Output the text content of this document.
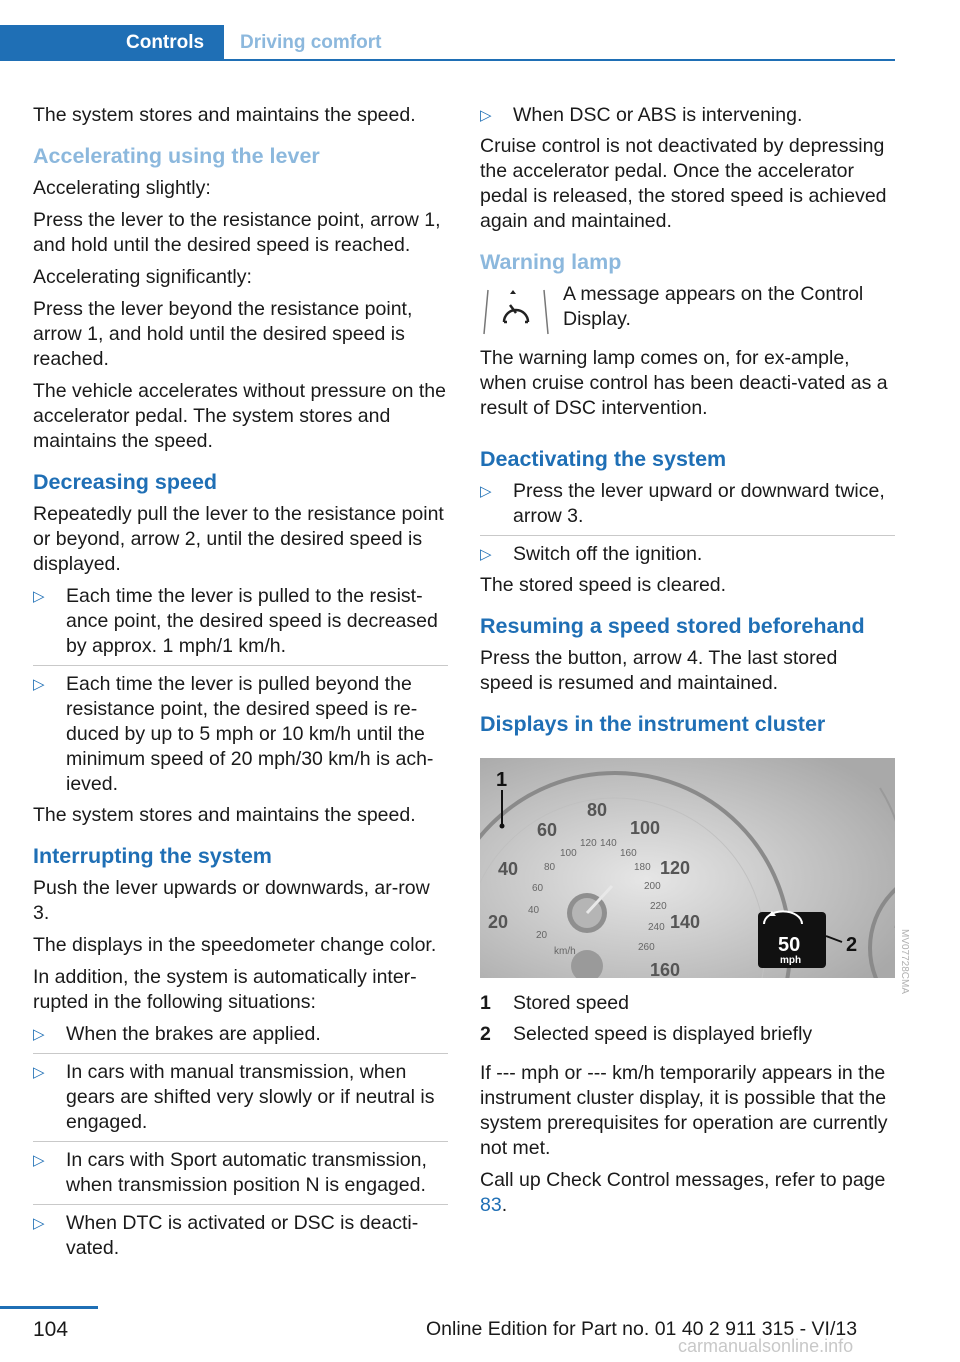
Controls	Driving comfort
The system stores and maintains the speed.
Accelerating using the lever
Accelerating slightly:
Press the lever to the resistance point, arrow 1, and hold until the desired speed is reached.
Accelerating significantly:
Press the lever beyond the resistance point, arrow 1, and hold until the desired speed is reached.
The vehicle accelerates without pressure on the accelerator pedal. The system stores and maintains the speed.
Decreasing speed
Repeatedly pull the lever to the resistance point or beyond, arrow 2, until the desired speed is displayed.
▷ Each time the lever is pulled to the resist‐ance point, the desired speed is decreased by approx. 1 mph/1 km/h.
▷ Each time the lever is pulled beyond the resistance point, the desired speed is re‐duced by up to 5 mph or 10 km/h until the minimum speed of 20 mph/30 km/h is ach‐ieved.
The system stores and maintains the speed.
Interrupting the system
Push the lever upwards or downwards, ar‐row 3.
The displays in the speedometer change color.
In addition, the system is automatically inter‐rupted in the following situations:
▷ When the brakes are applied.
▷ In cars with manual transmission, when gears are shifted very slowly or if neutral is engaged.
▷ In cars with Sport automatic transmission, when transmission position N is engaged.
▷ When DTC is activated or DSC is deacti‐vated.
▷ When DSC or ABS is intervening.
Cruise control is not deactivated by depressing the accelerator pedal. Once the accelerator pedal is released, the stored speed is achieved again and maintained.
Warning lamp
A message appears on the Control Display.
The warning lamp comes on, for ex‐ample, when cruise control has been deacti‐vated as a result of DSC intervention.
Deactivating the system
▷ Press the lever upward or downward twice, arrow 3.
▷ Switch off the ignition.
The stored speed is cleared.
Resuming a speed stored beforehand
Press the button, arrow 4. The last stored speed is resumed and maintained.
Displays in the instrument cluster
20
40
60
80
100
120
140
160
20
40
60
80
100
120 140
160
180
200
220
240
260
km/h
1
50
mph
2	MV07728CMA
1	Stored speed
2	Selected speed is displayed briefly
If --- mph or --- km/h temporarily appears in the instrument cluster display, it is possible that the system prerequisites for operation are currently not met.
Call up Check Control messages, refer to page 83.
104	Online Edition for Part no. 01 40 2 911 315 - VI/13
carmanualsonline.info
